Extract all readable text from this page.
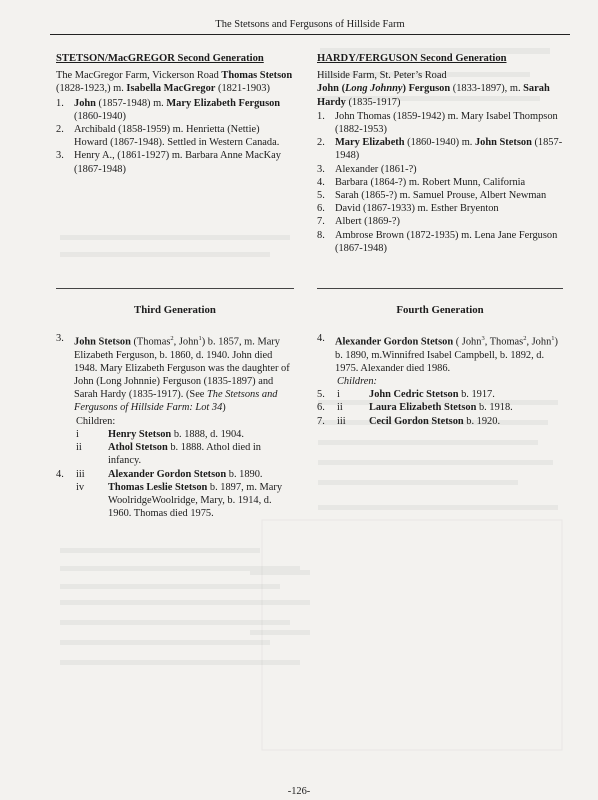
The Stetsons and Fergusons of Hillside Farm
STETSON/MacGREGOR Second Generation

The MacGregor Farm, Vickerson Road Thomas Stetson (1828-1923,) m. Isabella MacGregor (1821-1903)

1. John (1857-1948) m. Mary Elizabeth Ferguson (1860-1940)
2. Archibald (1858-1959) m. Henrietta (Nettie) Howard (1867-1948). Settled in Western Canada.
3. Henry A., (1861-1927) m. Barbara Anne MacKay (1867-1948)
HARDY/FERGUSON Second Generation

Hillside Farm, St. Peter’s Road

John (Long Johnny) Ferguson (1833-1897), m. Sarah Hardy (1835-1917)

1. John Thomas (1859-1942) m. Mary Isabel Thompson (1882-1953)
2. Mary Elizabeth (1860-1940) m. John Stetson (1857- 1948)
3. Alexander (1861-?)
4. Barbara (1864-?) m. Robert Munn, California
5. Sarah (1865-?) m. Samuel Prouse, Albert Newman
6. David (1867-1933) m. Esther Bryenton
7. Albert (1869-?)
8. Ambrose Brown (1872-1935) m. Lena Jane Ferguson (1867-1948)
Third Generation	Fourth Generation
3. John Stetson (Thomas$^2$, John$^1$) b. 1857, m. Mary Elizabeth Ferguson, b. 1860, d. 1940. John died 1948. Mary Elizabeth Ferguson was the daughter of John (Long Johnnie) Ferguson (1835-1897) and Sarah Hardy (1835-1917). (See The Stetsons and Fergusons of Hillside Farm: Lot 34)
Children:
i	Henry Stetson b. 1888, d. 1904.
ii	Athol Stetson b. 1888. Athol died in infancy.
4.	iii	Alexander Gordon Stetson b. 1890.
iv	Thomas Leslie Stetson b. 1897, m. Mary WoolridgeWoolridge, Mary, b. 1914, d. 1960. Thomas died 1975.
4. Alexander Gordon Stetson ( John$^3$, Thomas$^2$, John$^1$) b. 1890, m.Winnifred Isabel Campbell, b. 1892, d. 1975. Alexander died 1986.
Children:
5.	i	John Cedric Stetson b. 1917.
6.	ii	Laura Elizabeth Stetson b. 1918.
7.	iii	Cecil Gordon Stetson b. 1920.
-126-
